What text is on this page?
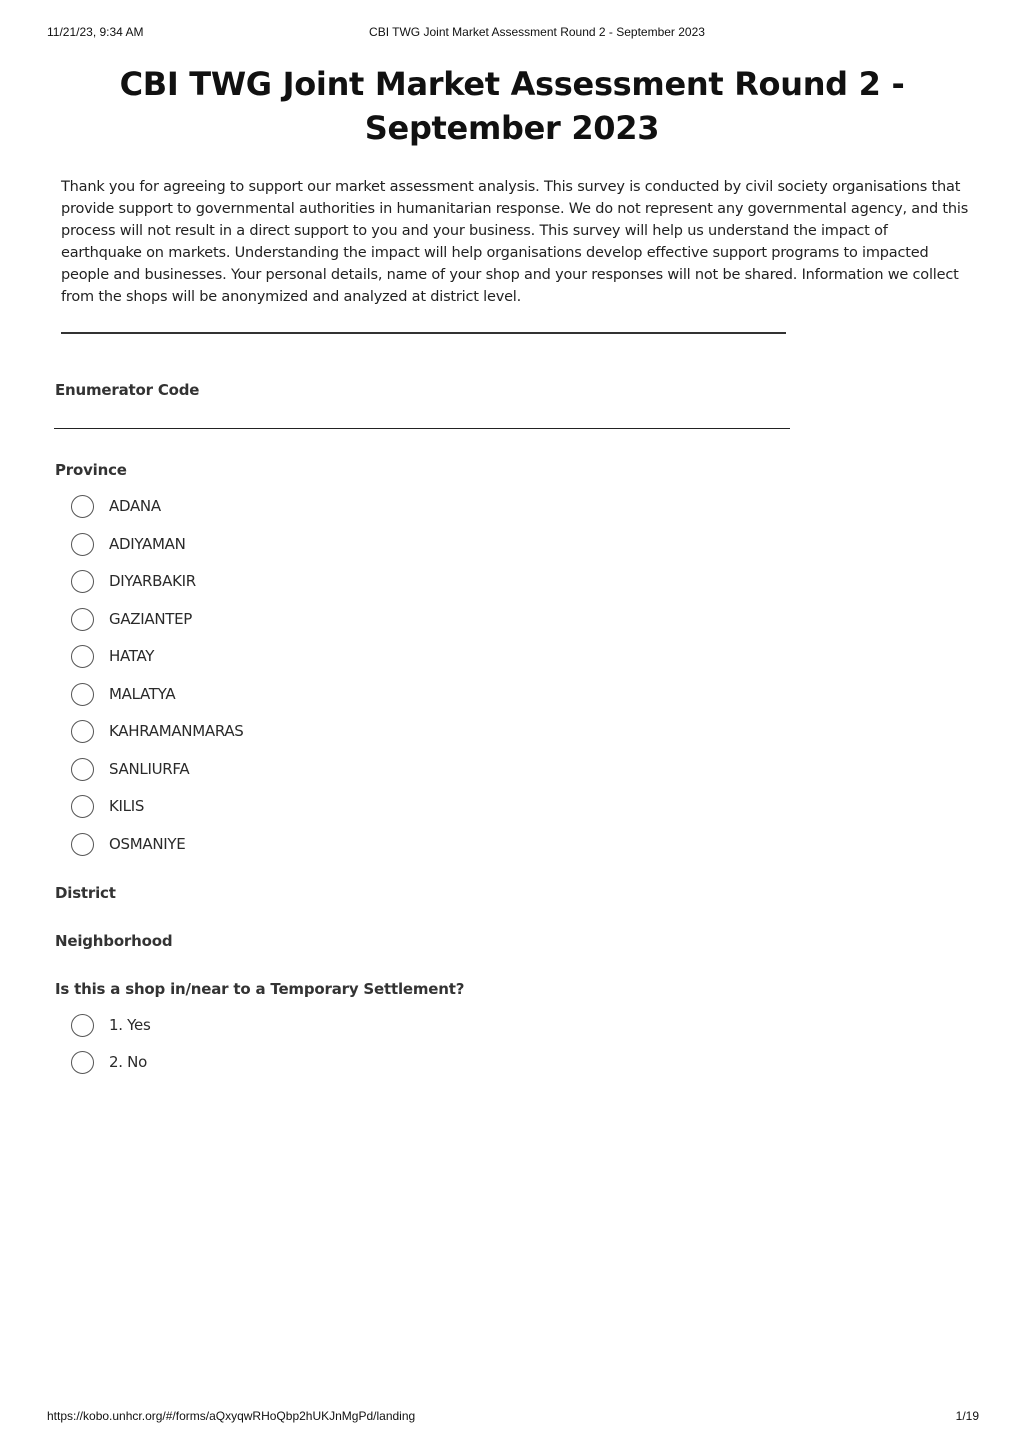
11/21/23, 9:34 AM	CBI TWG Joint Market Assessment Round 2 - September 2023
CBI TWG Joint Market Assessment Round 2 - September 2023
Thank you for agreeing to support our market assessment analysis. This survey is conducted by civil society organisations that provide support to governmental authorities in humanitarian response. We do not represent any governmental agency, and this process will not result in a direct support to you and your business. This survey will help us understand the impact of earthquake on markets. Understanding the impact will help organisations develop effective support programs to impacted people and businesses. Your personal details, name of your shop and your responses will not be shared. Information we collect from the shops will be anonymized and analyzed at district level.
Enumerator Code
Province
ADANA
ADIYAMAN
DIYARBAKIR
GAZIANTEP
HATAY
MALATYA
KAHRAMANMARAS
SANLIURFA
KILIS
OSMANIYE
District
Neighborhood
Is this a shop in/near to a Temporary Settlement?
1. Yes
2. No
https://kobo.unhcr.org/#/forms/aQxyqwRHoQbp2hUKJnMgPd/landing	1/19
